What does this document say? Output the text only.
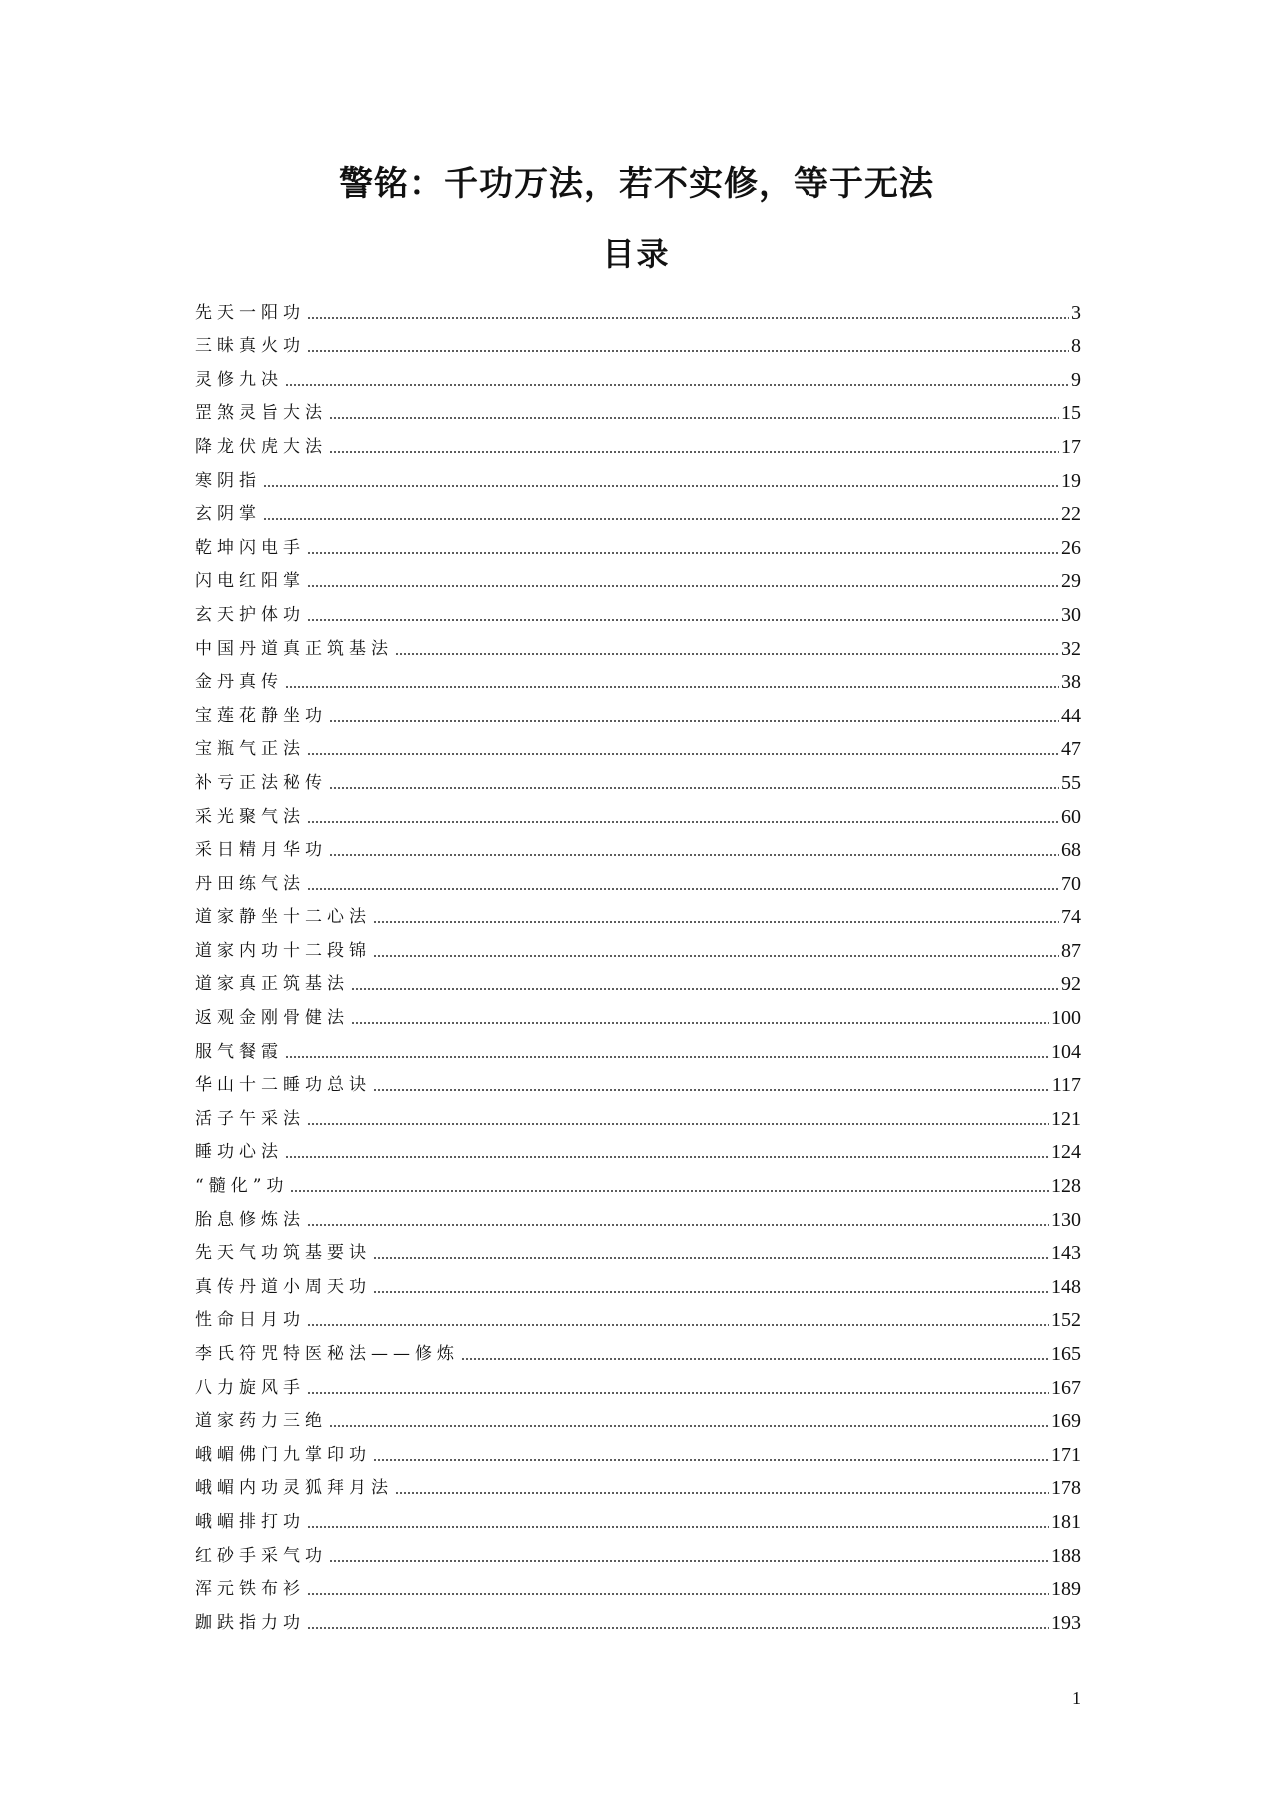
警铭：千功万法，若不实修，等于无法
目录
先天一阳功	3
三昧真火功	8
灵修九决	9
罡煞灵旨大法	15
降龙伏虎大法	17
寒阴指	19
玄阴掌	22
乾坤闪电手	26
闪电红阳掌	29
玄天护体功	30
中国丹道真正筑基法	32
金丹真传	38
宝莲花静坐功	44
宝瓶气正法	47
补亏正法秘传	55
采光聚气法	60
采日精月华功	68
丹田练气法	70
道家静坐十二心法	74
道家内功十二段锦	87
道家真正筑基法	92
返观金刚骨健法	100
服气餐霞	104
华山十二睡功总诀	117
活子午采法	121
睡功心法	124
“髓化”功	128
胎息修炼法	130
先天气功筑基要诀	143
真传丹道小周天功	148
性命日月功	152
李氏符咒特医秘法——修炼	165
八力旋风手	167
道家药力三绝	169
峨嵋佛门九掌印功	171
峨嵋内功灵狐拜月法	178
峨嵋排打功	181
红砂手采气功	188
浑元铁布衫	189
跏趺指力功	193
1
